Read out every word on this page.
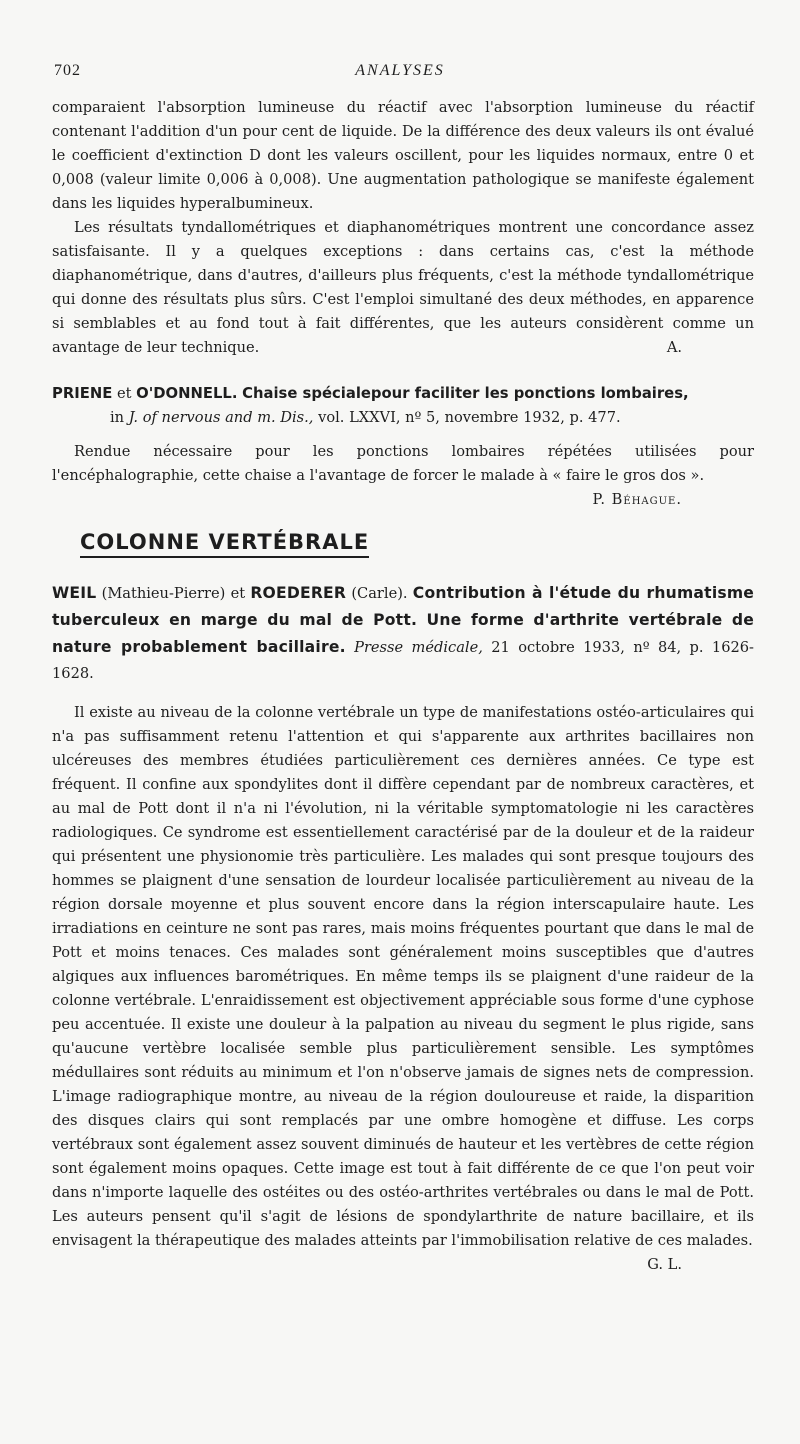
702	ANALYSES

comparaient l'absorption lumineuse du réactif avec l'absorption lumineuse du réactif contenant l'addition d'un pour cent de liquide. De la différence des deux valeurs ils ont évalué le coefficient d'extinction D dont les valeurs oscillent, pour les liquides normaux, entre 0 et 0,008 (valeur limite 0,006 à 0,008). Une augmentation pathologique se manifeste également dans les liquides hyperalbumineux.

Les résultats tyndallométriques et diaphanométriques montrent une concordance assez satisfaisante. Il y a quelques exceptions : dans certains cas, c'est la méthode diaphanométrique, dans d'autres, d'ailleurs plus fréquents, c'est la méthode tyndallométrique qui donne des résultats plus sûrs. C'est l'emploi simultané des deux méthodes, en apparence si semblables et au fond tout à fait différentes, que les auteurs considèrent comme un avantage de leur technique.	A.

PRIENE et O'DONNELL. Chaise spécialepour faciliter les ponctions lombaires,
in J. of nervous and m. Dis., vol. LXXVI, nº 5, novembre 1932, p. 477.

Rendue nécessaire pour les ponctions lombaires répétées utilisées pour l'encéphalographie, cette chaise a l'avantage de forcer le malade à « faire le gros dos ».

P. Béhague.
COLONNE VERTÉBRALE
WEIL (Mathieu-Pierre) et ROEDERER (Carle). Contribution à l'étude du rhumatisme tuberculeux en marge du mal de Pott. Une forme d'arthrite vertébrale de nature probablement bacillaire. Presse médicale, 21 octobre 1933, nº 84, p. 1626-1628.

Il existe au niveau de la colonne vertébrale un type de manifestations ostéo-articulaires qui n'a pas suffisamment retenu l'attention et qui s'apparente aux arthrites bacillaires non ulcéreuses des membres étudiées particulièrement ces dernières années. Ce type est fréquent. Il confine aux spondylites dont il diffère cependant par de nombreux caractères, et au mal de Pott dont il n'a ni l'évolution, ni la véritable symptomatologie ni les caractères radiologiques. Ce syndrome est essentiellement caractérisé par de la douleur et de la raideur qui présentent une physionomie très particulière. Les malades qui sont presque toujours des hommes se plaignent d'une sensation de lourdeur localisée particulièrement au niveau de la région dorsale moyenne et plus souvent encore dans la région interscapulaire haute. Les irradiations en ceinture ne sont pas rares, mais moins fréquentes pourtant que dans le mal de Pott et moins tenaces. Ces malades sont généralement moins susceptibles que d'autres algiques aux influences barométriques. En même temps ils se plaignent d'une raideur de la colonne vertébrale. L'enraidissement est objectivement appréciable sous forme d'une cyphose peu accentuée. Il existe une douleur à la palpation au niveau du segment le plus rigide, sans qu'aucune vertèbre localisée semble plus particulièrement sensible. Les symptômes médullaires sont réduits au minimum et l'on n'observe jamais de signes nets de compression. L'image radiographique montre, au niveau de la région douloureuse et raide, la disparition des disques clairs qui sont remplacés par une ombre homogène et diffuse. Les corps vertébraux sont également assez souvent diminués de hauteur et les vertèbres de cette région sont également moins opaques. Cette image est tout à fait différente de ce que l'on peut voir dans n'importe laquelle des ostéites ou des ostéo-arthrites vertébrales ou dans le mal de Pott. Les auteurs pensent qu'il s'agit de lésions de spondylarthrite de nature bacillaire, et ils envisagent la thérapeutique des malades atteints par l'immobilisation relative de ces malades.
G. L.
